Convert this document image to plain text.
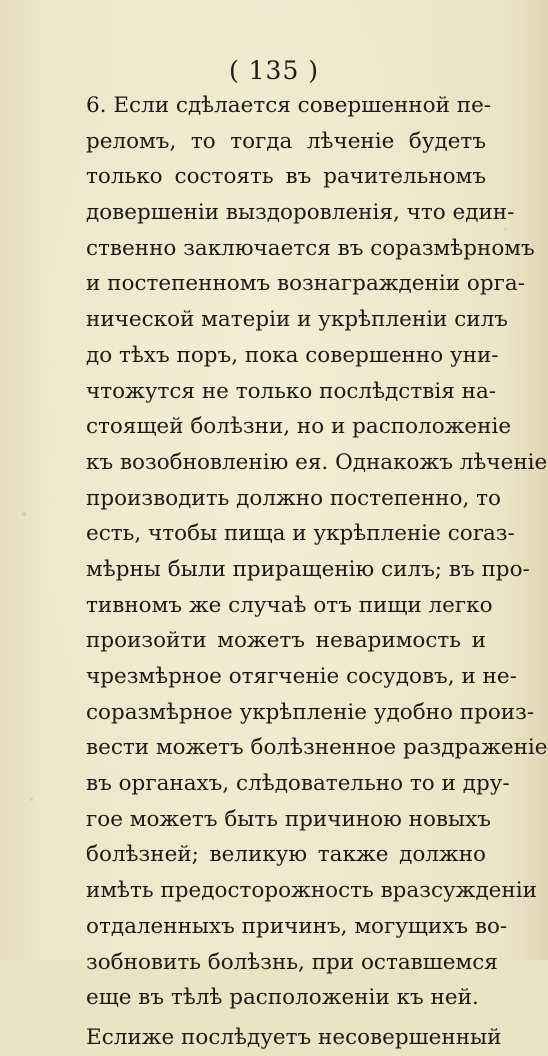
( 135 )
6. Если сдѣлается совершенной пе-
реломъ, то тогда лѣченіе будетъ
только состоять въ рачительномъ
довершеніи выздоровленія, что един-
ственно заключается въ соразмѣрномъ
и постепенномъ вознагражденіи орга-
нической матеріи и укрѣпленіи силъ
до тѣхъ поръ, пока совершенно уни-
чтожутся не только послѣдствія на-
стоящей болѣзни, но и расположеніе
къ возобновленію ея. Однакожъ лѣченіе
производить должно постепенно, то
есть, чтобы пища и укрѣпленіе соraз-
мѣрны были приращенію силъ; въ про-
тивномъ же случаѣ отъ пищи легко
произойти можетъ неваримость и
чрезмѣрное отягченіе сосудовъ, и не-
соразмѣрное укрѣпленіе удобно произ-
вести можетъ болѣзненное раздраженіе
въ органахъ, слѣдовательно то и дру-
гое можетъ быть причиною новыхъ
болѣзней; великую также должно
имѣть предосторожность вразсужденіи
отдаленныхъ причинъ, могущихъ во-
зобновить болѣзнь, при оставшемся
еще въ тѣлѣ расположеніи къ ней.
Еслиже послѣдуетъ несовершенный
